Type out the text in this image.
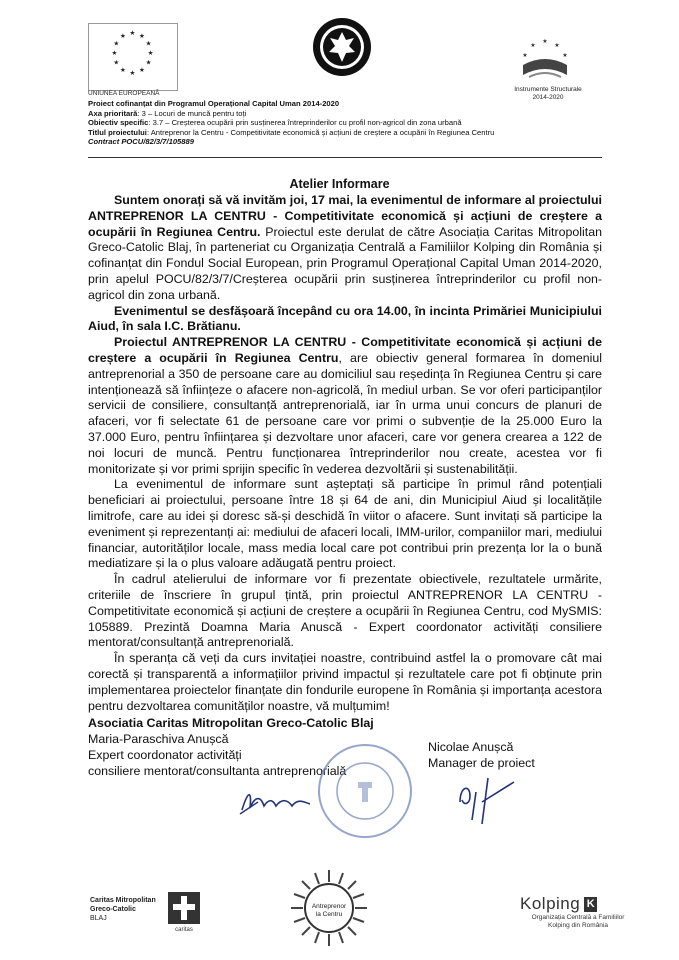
★ ★
★
★
★
★
★
★
★
★
★
★
UNIUNEA EUROPEANĂ
★
★
★
★	★
Instrumente Structurale
2014-2020
Proiect cofinanțat din Programul Operațional Capital Uman 2014-2020
Axa prioritară: 3 – Locuri de muncă pentru toți
Obiectiv specific: 3.7 – Creșterea ocupării prin susținerea întreprinderilor cu profil non-agricol din zona urbană
Titlul proiectului: Antreprenor la Centru - Competitivitate economică și acțiuni de creștere a ocupării în Regiunea Centru
Contract POCU/82/3/7/105889
Atelier Informare

Suntem onorați să vă invităm joi, 17 mai, la evenimentul de informare al proiectului ANTREPRENOR LA CENTRU - Competitivitate economică și acțiuni de creștere a ocupării în Regiunea Centru. Proiectul este derulat de către Asociația Caritas Mitropolitan Greco-Catolic Blaj, în parteneriat cu Organizația Centrală a Familiilor Kolping din România și cofinanțat din Fondul Social European, prin Programul Operațional Capital Uman 2014-2020, prin apelul POCU/82/3/7/Creșterea ocupării prin susținerea întreprinderilor cu profil non-agricol din zona urbană.

Evenimentul se desfășoară începând cu ora 14.00, în incinta Primăriei Municipiului Aiud, în sala I.C. Brătianu.

Proiectul ANTREPRENOR LA CENTRU - Competitivitate economică și acțiuni de creștere a ocupării în Regiunea Centru, are obiectiv general formarea în domeniul antreprenorial a 350 de persoane care au domiciliul sau reședința în Regiunea Centru și care intenționează să înființeze o afacere non-agricolă, în mediul urban. Se vor oferi participanților servicii de consiliere, consultanță antreprenorială, iar în urma unui concurs de planuri de afaceri, vor fi selectate 61 de persoane care vor primi o subvenție de la 25.000 Euro la 37.000 Euro, pentru înființarea și dezvoltare unor afaceri, care vor genera crearea a 122 de noi locuri de muncă. Pentru funcționarea întreprinderilor nou create, acestea vor fi monitorizate și vor primi sprijin specific în vederea dezvoltării și sustenabilității.

La evenimentul de informare sunt așteptați să participe în primul rând potențiali beneficiari ai proiectului, persoane între 18 și 64 de ani, din Municipiul Aiud și localitățile limitrofe, care au idei și doresc să-și deschidă în viitor o afacere. Sunt invitați să participe la eveniment și reprezentanți ai: mediului de afaceri locali, IMM-urilor, companiilor mari, mediului financiar, autorităților locale, mass media local care pot contribui prin prezența lor la o bună mediatizare și la o plus valoare adăugată pentru proiect.

În cadrul atelierului de informare vor fi prezentate obiectivele, rezultatele urmărite, criteriile de înscriere în grupul țintă, prin proiectul ANTREPRENOR LA CENTRU - Competitivitate economică și acțiuni de creștere a ocupării în Regiunea Centru, cod MySMIS: 105889. Prezintă Doamna Maria Anuscă - Expert coordonator activități consiliere mentorat/consultanță antreprenorială.

În speranța că veți da curs invitației noastre, contribuind astfel la o promovare cât mai corectă și transparentă a informațiilor privind impactul și rezultatele care pot fi obținute prin implementarea proiectelor finanțate din fondurile europene în România și importanța acestora pentru dezvoltarea comunităților noastre, vă mulțumim!

Asociatia Caritas Mitropolitan Greco-Catolic Blaj
Maria-Paraschiva Anușcă
Expert coordonator activități
consiliere mentorat/consultanta antreprenorială
Nicolae Anușcă
Manager de proiect
Caritas Mitropolitan
Greco-Catolic
BLAJ
caritas
Antreprenor
la Centru
Kolping K
Organizația Centrală a Familiilor
Kolping din România
